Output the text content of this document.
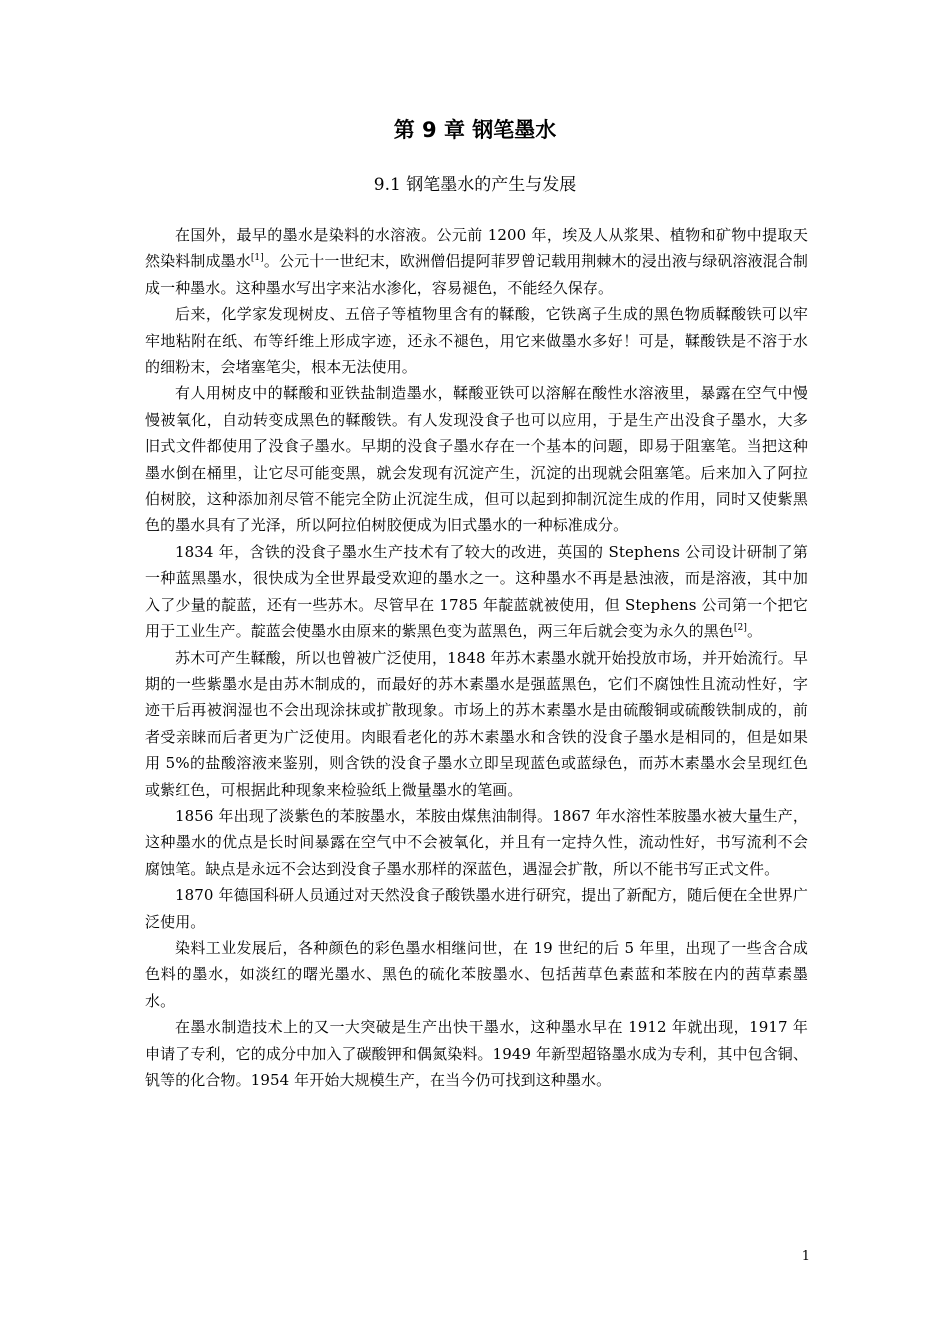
第 9 章 钢笔墨水
9.1 钢笔墨水的产生与发展

在国外，最早的墨水是染料的水溶液。公元前 1200 年，埃及人从浆果、植物和矿物中提取天然染料制成墨水[1]。公元十一世纪末，欧洲僧侣提阿菲罗曾记载用荆棘木的浸出液与绿矾溶液混合制成一种墨水。这种墨水写出字来沾水渗化，容易褪色，不能经久保存。

后来，化学家发现树皮、五倍子等植物里含有的鞣酸，它铁离子生成的黑色物质鞣酸铁可以牢牢地粘附在纸、布等纤维上形成字迹，还永不褪色，用它来做墨水多好！可是，鞣酸铁是不溶于水的细粉末，会堵塞笔尖，根本无法使用。

有人用树皮中的鞣酸和亚铁盐制造墨水，鞣酸亚铁可以溶解在酸性水溶液里，暴露在空气中慢慢被氧化，自动转变成黑色的鞣酸铁。有人发现没食子也可以应用，于是生产出没食子墨水，大多旧式文件都使用了没食子墨水。早期的没食子墨水存在一个基本的问题，即易于阻塞笔。当把这种墨水倒在桶里，让它尽可能变黑，就会发现有沉淀产生，沉淀的出现就会阻塞笔。后来加入了阿拉伯树胶，这种添加剂尽管不能完全防止沉淀生成，但可以起到抑制沉淀生成的作用，同时又使紫黑色的墨水具有了光泽，所以阿拉伯树胶便成为旧式墨水的一种标准成分。

1834 年，含铁的没食子墨水生产技术有了较大的改进，英国的 Stephens 公司设计研制了第一种蓝黑墨水，很快成为全世界最受欢迎的墨水之一。这种墨水不再是悬浊液，而是溶液，其中加入了少量的靛蓝，还有一些苏木。尽管早在 1785 年靛蓝就被使用，但 Stephens 公司第一个把它用于工业生产。靛蓝会使墨水由原来的紫黑色变为蓝黑色，两三年后就会变为永久的黑色[2]。

苏木可产生鞣酸，所以也曾被广泛使用，1848 年苏木素墨水就开始投放市场，并开始流行。早期的一些紫墨水是由苏木制成的，而最好的苏木素墨水是强蓝黑色，它们不腐蚀性且流动性好，字迹干后再被润湿也不会出现涂抹或扩散现象。市场上的苏木素墨水是由硫酸铜或硫酸铁制成的，前者受亲睐而后者更为广泛使用。肉眼看老化的苏木素墨水和含铁的没食子墨水是相同的，但是如果用 5%的盐酸溶液来鉴别，则含铁的没食子墨水立即呈现蓝色或蓝绿色，而苏木素墨水会呈现红色或紫红色，可根据此种现象来检验纸上微量墨水的笔画。

1856 年出现了淡紫色的苯胺墨水，苯胺由煤焦油制得。1867 年水溶性苯胺墨水被大量生产，这种墨水的优点是长时间暴露在空气中不会被氧化，并且有一定持久性，流动性好，书写流利不会腐蚀笔。缺点是永远不会达到没食子墨水那样的深蓝色，遇湿会扩散，所以不能书写正式文件。

1870 年德国科研人员通过对天然没食子酸铁墨水进行研究，提出了新配方，随后便在全世界广泛使用。

染料工业发展后，各种颜色的彩色墨水相继问世，在 19 世纪的后 5 年里，出现了一些含合成色料的墨水，如淡红的曙光墨水、黑色的硫化苯胺墨水、包括茜草色素蓝和苯胺在内的茜草素墨水。

在墨水制造技术上的又一大突破是生产出快干墨水，这种墨水早在 1912 年就出现，1917 年申请了专利，它的成分中加入了碳酸钾和偶氮染料。1949 年新型超铬墨水成为专利，其中包含铜、钒等的化合物。1954 年开始大规模生产，在当今仍可找到这种墨水。

1
